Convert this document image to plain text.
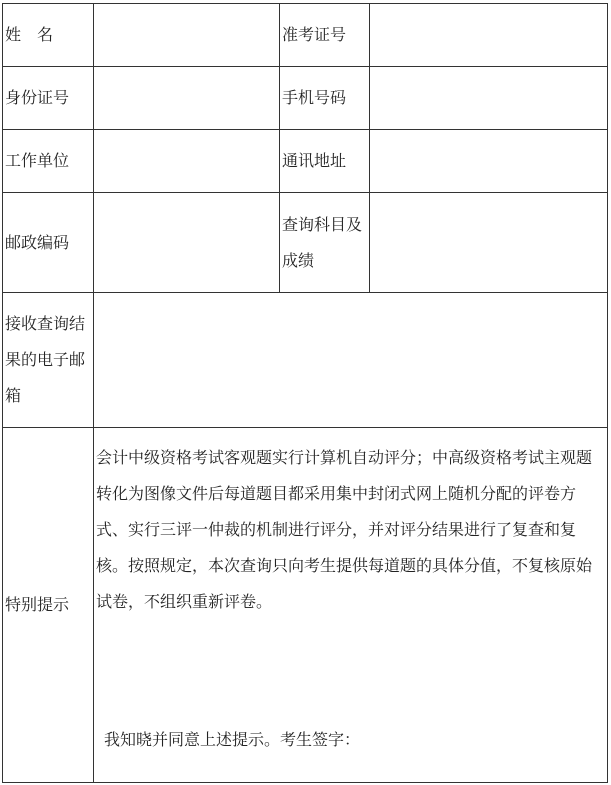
姓　名		准考证号	
身份证号		手机号码	
工作单位		通讯地址	
邮政编码		查询科目及成绩	
接收查询结果的电子邮箱			
特别提示	会计中级资格考试客观题实行计算机自动评分；中高级资格考试主观题转化为图像文件后每道题目都采用集中封闭式网上随机分配的评卷方式、实行三评一仲裁的机制进行评分，并对评分结果进行了复查和复核。按照规定，本次查询只向考生提供每道题的具体分值，不复核原始试卷，不组织重新评卷。
我知晓并同意上述提示。考生签字：		
